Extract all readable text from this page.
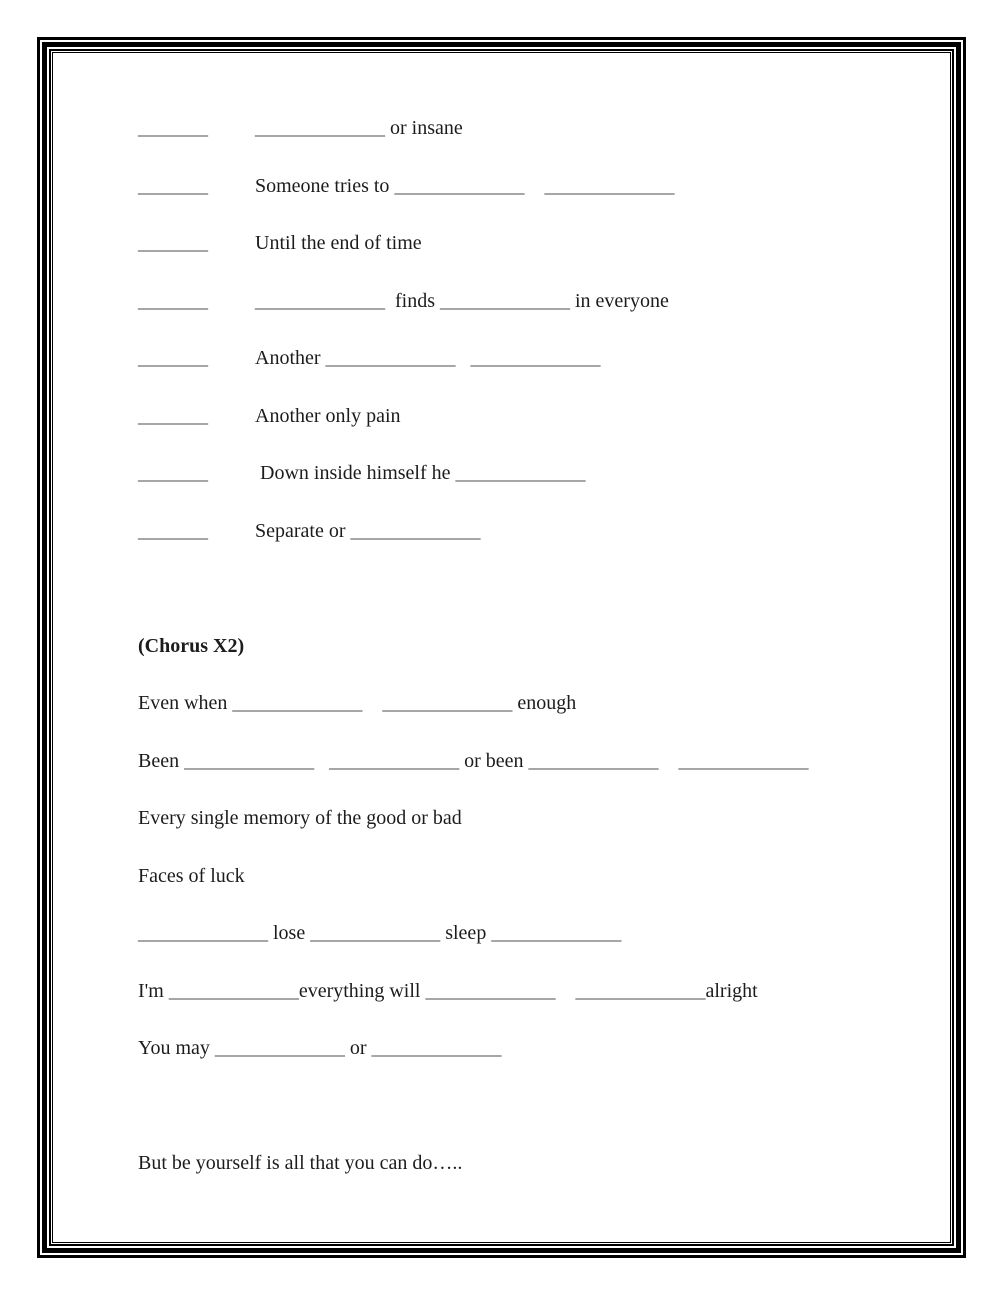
_______ _____________ or insane
_______ Someone tries to _____________ _____________
_______ Until the end of time
_______ _____________  finds _____________ in everyone
_______ Another _____________ _____________
_______ Another only pain
_______ Down inside himself he _____________
_______ Separate or _____________
(Chorus X2)
Even when _____________ _____________ enough
Been _____________ _____________ or been _____________ _____________
Every single memory of the good or bad
Faces of luck
_____________ lose _____________ sleep _____________
I'm _____________everything will _____________ _____________alright
You may _____________ or _____________
But be yourself is all that you can do…..
